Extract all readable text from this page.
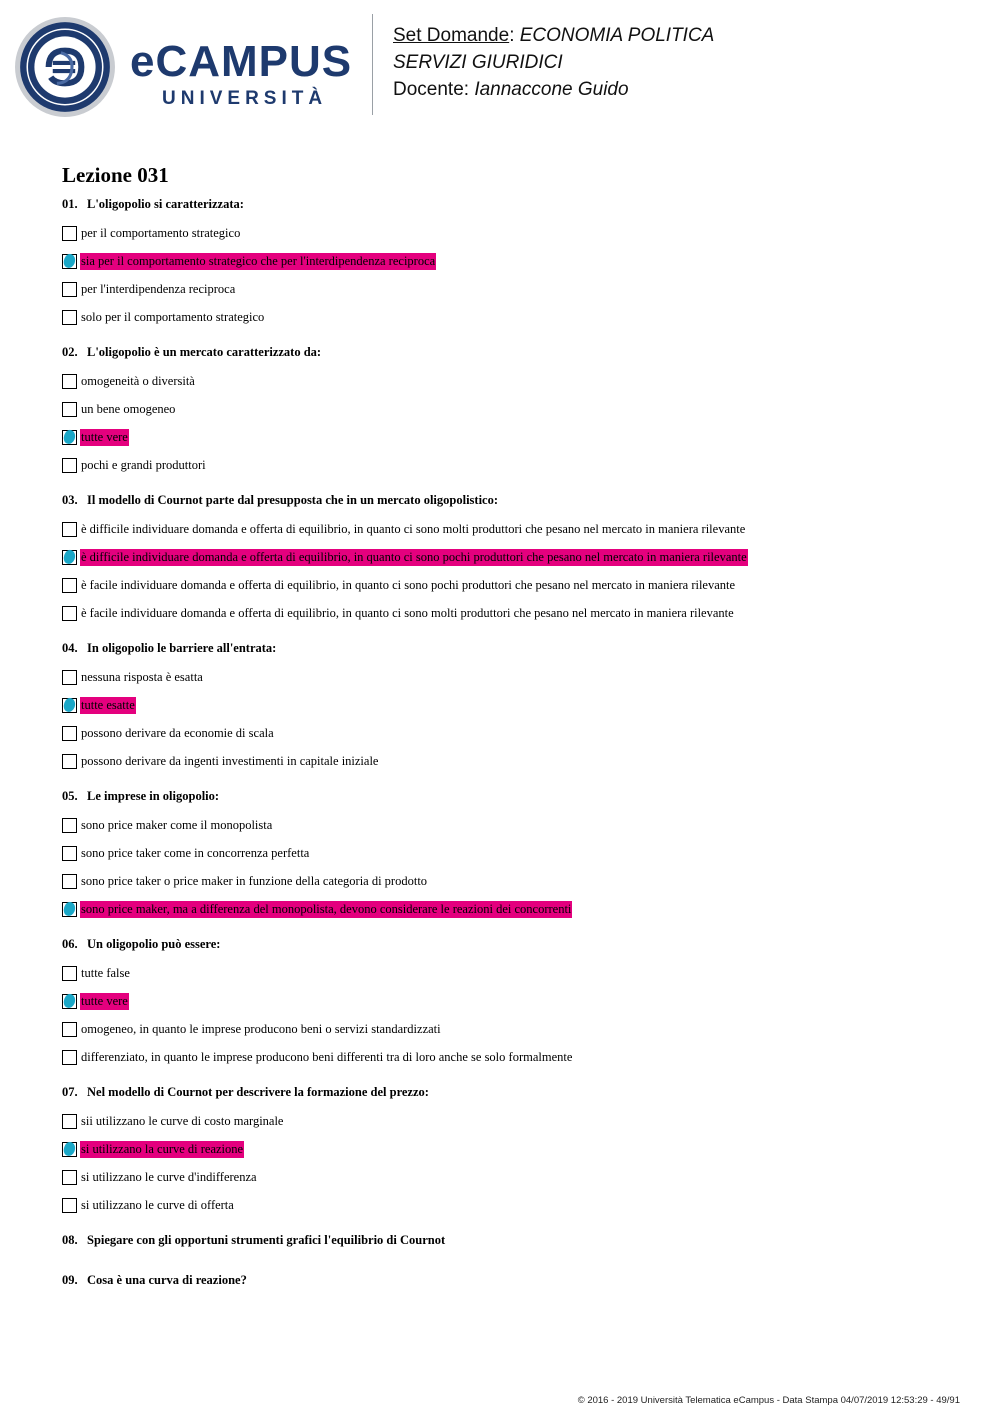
eCAMPUS
UNIVERSITÀ
Set Domande: ECONOMIA POLITICA
SERVIZI GIURIDICI
Docente: Iannaccone Guido
Lezione 031
01. L'oligopolio si caratterizzata:
per il comportamento strategico
sia per il comportamento strategico che per l'interdipendenza reciproca
per l'interdipendenza reciproca
solo per il comportamento strategico
02. L'oligopolio è un mercato caratterizzato da:
omogeneità o diversità
un bene omogeneo
tutte vere
pochi e grandi produttori
03. Il modello di Cournot parte dal presupposta che in un mercato oligopolistico:
è difficile individuare domanda e offerta di equilibrio, in quanto ci sono molti produttori che pesano nel mercato in maniera rilevante
è difficile individuare domanda e offerta di equilibrio, in quanto ci sono pochi produttori che pesano nel mercato in maniera rilevante
è facile individuare domanda e offerta di equilibrio, in quanto ci sono pochi produttori che pesano nel mercato in maniera rilevante
è facile individuare domanda e offerta di equilibrio, in quanto ci sono molti produttori che pesano nel mercato in maniera rilevante
04. In oligopolio le barriere all'entrata:
nessuna risposta è esatta
tutte esatte
possono derivare da economie di scala
possono derivare da ingenti investimenti in capitale iniziale
05. Le imprese in oligopolio:
sono price maker come il monopolista
sono price taker come in concorrenza perfetta
sono price taker o price maker in funzione della categoria di prodotto
sono price maker, ma a differenza del monopolista, devono considerare le reazioni dei concorrenti
06. Un oligopolio può essere:
tutte false
tutte vere
omogeneo, in quanto le imprese producono beni o servizi standardizzati
differenziato, in quanto le imprese producono beni differenti tra di loro anche se solo formalmente
07. Nel modello di Cournot per descrivere la formazione del prezzo:
sii utilizzano le curve di costo marginale
si utilizzano la curve di reazione
si utilizzano le curve d'indifferenza
si utilizzano le curve di offerta
08. Spiegare con gli opportuni strumenti grafici l'equilibrio di Cournot
09. Cosa è una curva di reazione?
© 2016 - 2019 Università Telematica eCampus - Data Stampa 04/07/2019 12:53:29 - 49/91
